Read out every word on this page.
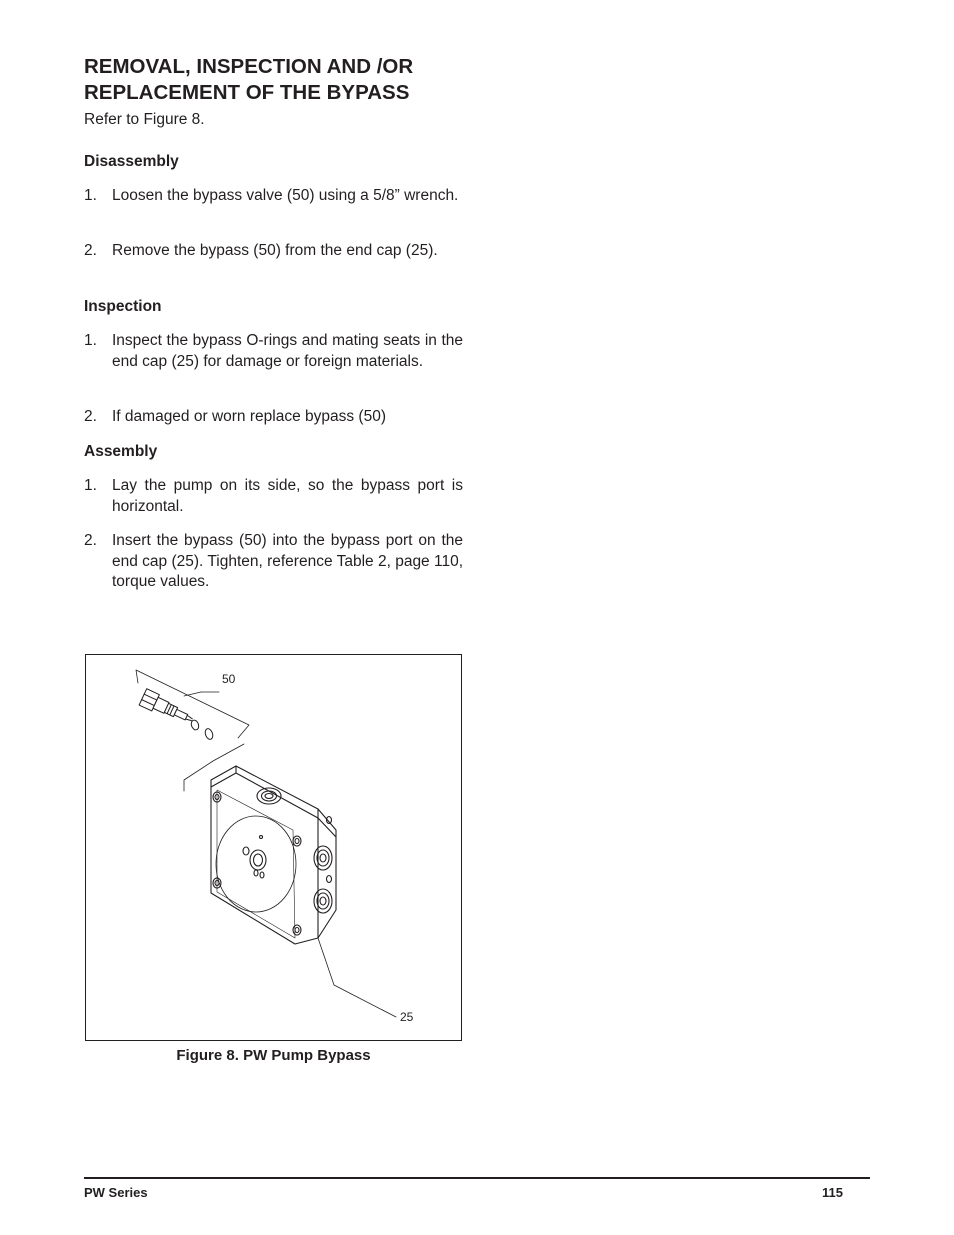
REMOVAL, INSPECTION AND /OR REPLACEMENT OF THE BYPASS
Refer to Figure 8.
Disassembly
1. Loosen the bypass valve (50) using a 5/8” wrench.
2. Remove the bypass (50) from the end cap (25).
Inspection
1. Inspect the bypass O-rings and mating seats in the end cap (25) for damage or foreign materials.
2. If damaged or worn replace bypass (50)
Assembly
1. Lay the pump on its side, so the bypass port is horizontal.
2. Insert the bypass (50) into the bypass port on the end cap (25). Tighten, reference Table 2, page 110, torque values.
50
25
Figure 8. PW Pump Bypass
PW Series	115
